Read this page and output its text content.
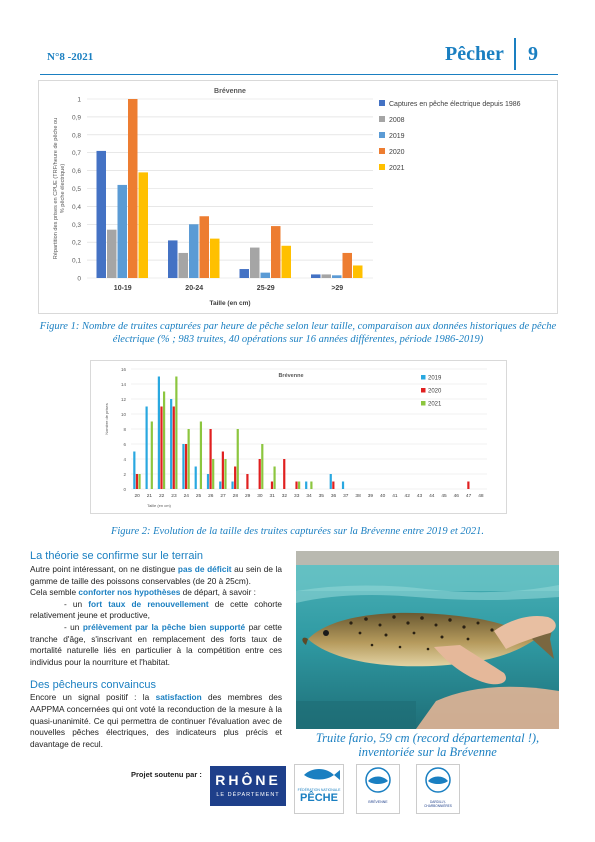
N°8 -2021	Pêcher 9
Brévenne
0
0,1
0,2
0,3
0,4
0,5
0,6
0,7
0,8
0,9
1
10-19	20-24	25-29	>29
Taille (en cm)
Répartition des prises en CPUE (TRF/heure de pêche ou% pêche électrique)
Captures en pêche électrique depuis 1986
2008
2019
2020
2021
Figure 1: Nombre de truites capturées par heure de pêche selon leur taille, comparaison aux données historiques de pêche électrique (% ; 983 truites, 40 opérations sur 16 années différentes, période 1986-2019)
Brévenne
0
2
4
6
8
10
12
14
16
20 21 22 23 24 25 26 27 28 29 30 31 32 33 34 35 36 37 38 39 40 41 42 43 44 45 46 47 48
Taille (en cm)
Nombre de prises
2019
2020
2021
Figure 2: Evolution de la taille des truites capturées sur la Brévenne entre 2019 et 2021.
La théorie se confirme sur le terrain
Autre point intéressant, on ne distingue pas de déficit au sein de la gamme de taille des poissons conservables (de 20 à 25cm).
Cela semble conforter nos hypothèses de départ, à savoir :
- un fort taux de renouvellement de cette cohorte relativement jeune et productive,
- un prélèvement par la pêche bien supporté par cette tranche d'âge, s'inscrivant en remplacement des forts taux de mortalité naturelle liés en particulier à la compétition entre ces individus pour la nourriture et l'habitat.
Des pêcheurs convaincus
Encore un signal positif : la satisfaction des membres des AAPPMA concernées qui ont voté la reconduction de la mesure à la quasi-unanimité. Ce qui permettra de continuer l'évaluation avec de nouvelles pêches électriques, des indicateurs plus précis et davantage de recul.	Truite fario, 59 cm (record départemental !), inventoriée sur la Brévenne
Projet soutenu par : RHÔNE
LE DÉPARTEMENT
FÉDÉRATION NATIONALE
PÊCHE	BRÉVENNE	DARDILLY-CHARBONNIÈRES
